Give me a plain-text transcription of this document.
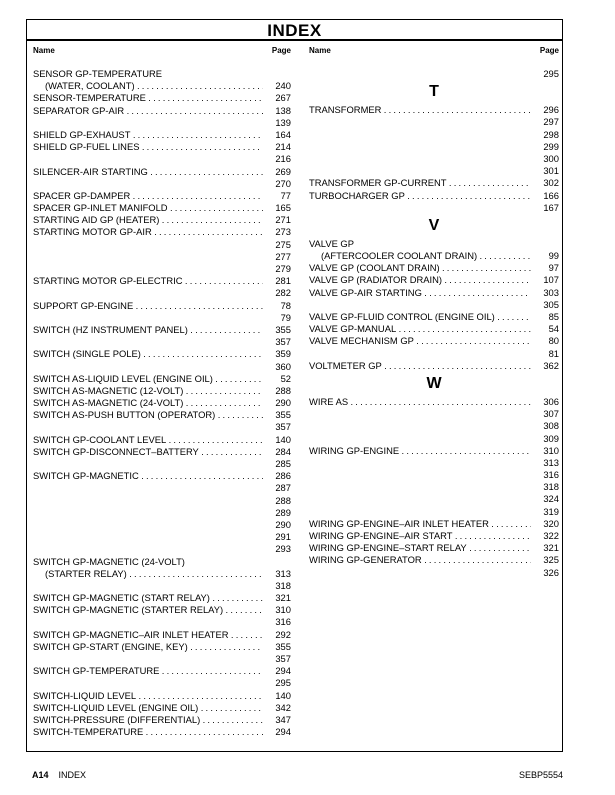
INDEX
Name	Page
SENSOR GP-TEMPERATURE
(WATER, COOLANT) . . .	240
SENSOR-TEMPERATURE . . .	267
SEPARATOR GP-AIR . . .	138
139
SHIELD GP-EXHAUST . . .	164
SHIELD GP-FUEL LINES . . .	214
216
SILENCER-AIR STARTING . . .	269
270
SPACER GP-DAMPER . . .	77
SPACER GP-INLET MANIFOLD . . .	165
STARTING AID GP (HEATER) . . .	271
STARTING MOTOR GP-AIR . . .	273
275
277
279
STARTING MOTOR GP-ELECTRIC . . .	281
282
SUPPORT GP-ENGINE . . .	78
79
SWITCH (HZ INSTRUMENT PANEL) . . .	355
357
SWITCH (SINGLE POLE) . . .	359
360
SWITCH AS-LIQUID LEVEL (ENGINE OIL) . . .	52
SWITCH AS-MAGNETIC (12-VOLT) . . .	288
SWITCH AS-MAGNETIC (24-VOLT) . . .	290
SWITCH AS-PUSH BUTTON (OPERATOR) . . .	355
357
SWITCH GP-COOLANT LEVEL . . .	140
SWITCH GP-DISCONNECT–BATTERY . . .	284
285
SWITCH GP-MAGNETIC . . .	286
287
288
289
290
291
293
SWITCH GP-MAGNETIC (24-VOLT)
(STARTER RELAY) . . .	313
318
SWITCH GP-MAGNETIC (START RELAY) . . .	321
SWITCH GP-MAGNETIC (STARTER RELAY) . . .	310
316
SWITCH GP-MAGNETIC–AIR INLET HEATER . . .	292
SWITCH GP-START (ENGINE, KEY) . . .	355
357
SWITCH GP-TEMPERATURE . . .	294
295
SWITCH-LIQUID LEVEL . . .	140
SWITCH-LIQUID LEVEL (ENGINE OIL) . . .	342
SWITCH-PRESSURE (DIFFERENTIAL) . . .	347
SWITCH-TEMPERATURE . . .	294
Name	Page
295
T
TRANSFORMER . . .	296
297
298
299
300
301
TRANSFORMER GP-CURRENT . . .	302
TURBOCHARGER GP . . .	166
167
V
VALVE GP
(AFTERCOOLER COOLANT DRAIN) . . .	99
VALVE GP (COOLANT DRAIN) . . .	97
VALVE GP (RADIATOR DRAIN) . . .	107
VALVE GP-AIR STARTING . . .	303
305
VALVE GP-FLUID CONTROL (ENGINE OIL) . . .	85
VALVE GP-MANUAL . . .	54
VALVE MECHANISM GP . . .	80
81
VOLTMETER GP . . .	362
W
WIRE AS . . .	306
307
308
309
WIRING GP-ENGINE . . .	310
313
316
318
324
319
WIRING GP-ENGINE–AIR INLET HEATER . . .	320
WIRING GP-ENGINE–AIR START . . .	322
WIRING GP-ENGINE–START RELAY . . .	321
WIRING GP-GENERATOR . . .	325
326
A14 INDEX	SEBP5554
